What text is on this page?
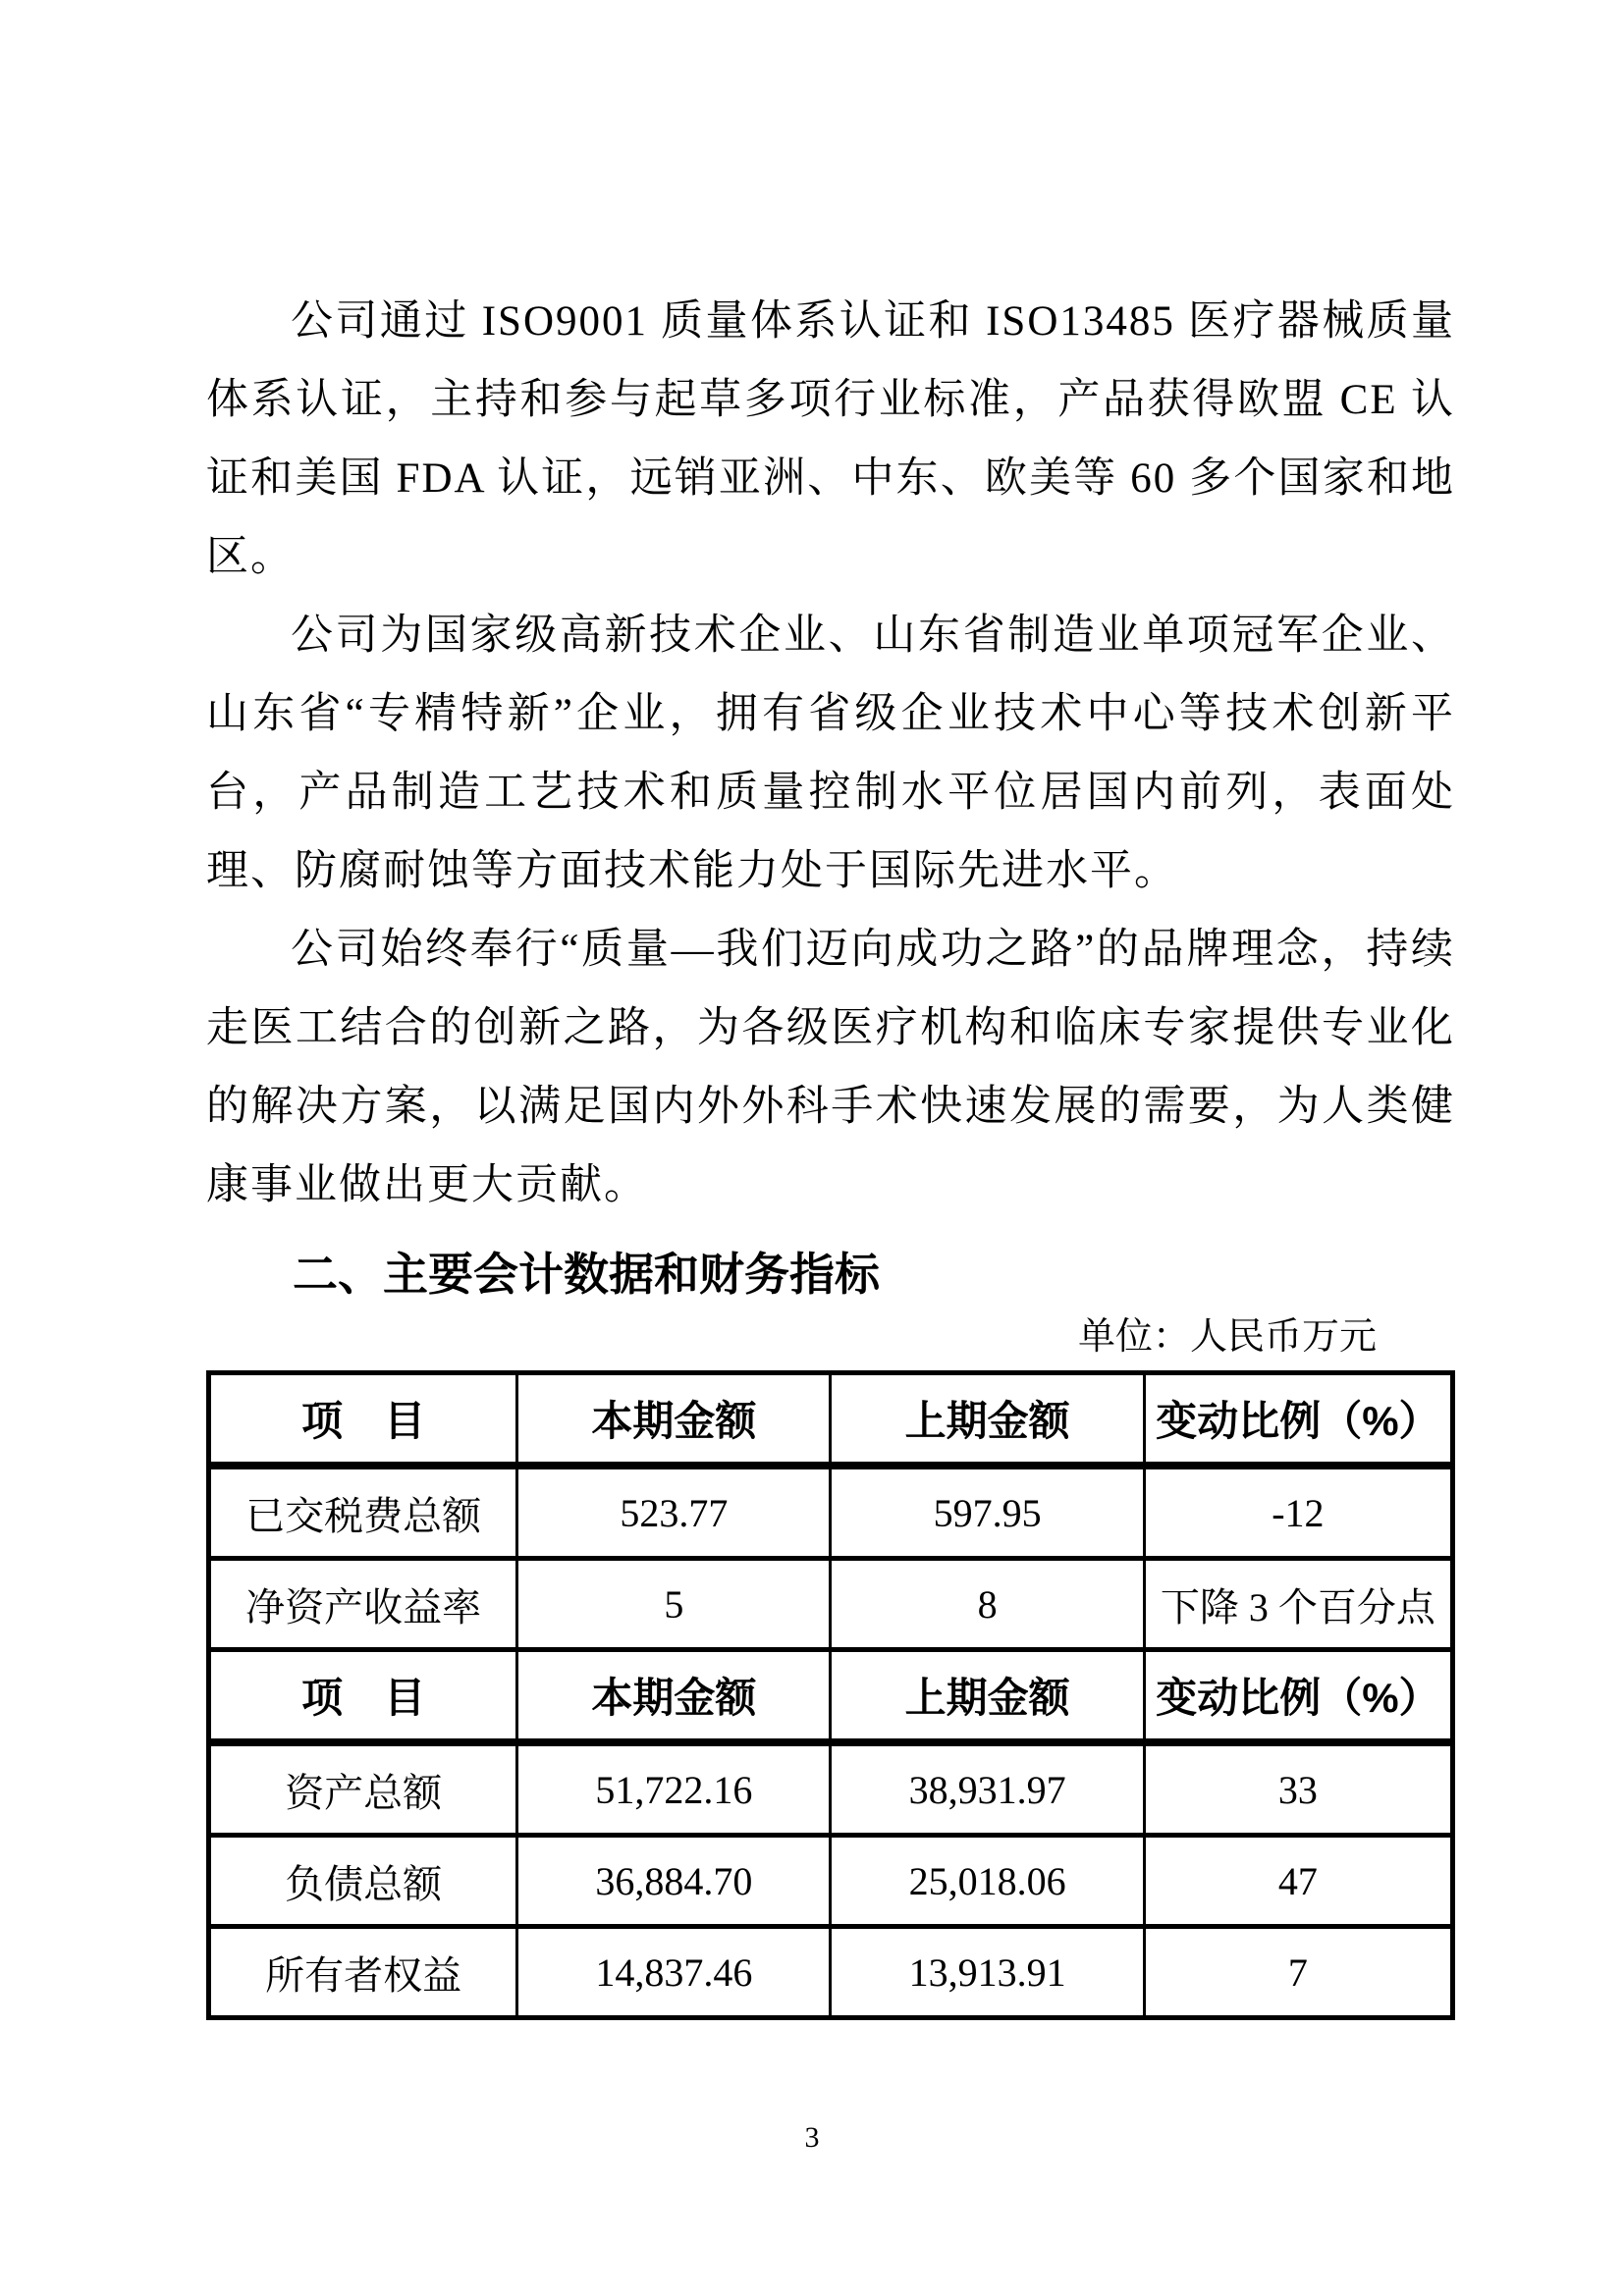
公司通过 ISO9001 质量体系认证和 ISO13485 医疗器械质量体系认证，主持和参与起草多项行业标准，产品获得欧盟 CE 认证和美国 FDA 认证，远销亚洲、中东、欧美等 60 多个国家和地区。

公司为国家级高新技术企业、山东省制造业单项冠军企业、山东省“专精特新”企业，拥有省级企业技术中心等技术创新平台，产品制造工艺技术和质量控制水平位居国内前列，表面处理、防腐耐蚀等方面技术能力处于国际先进水平。

公司始终奉行“质量—我们迈向成功之路”的品牌理念，持续走医工结合的创新之路，为各级医疗机构和临床专家提供专业化的解决方案，以满足国内外外科手术快速发展的需要，为人类健康事业做出更大贡献。

二、主要会计数据和财务指标
单位：人民币万元
项　目	本期金额	上期金额	变动比例（%）
已交税费总额	523.77	597.95	-12
净资产收益率	5	8	下降 3 个百分点
项　目	本期金额	上期金额	变动比例（%）
资产总额	51,722.16	38,931.97	33
负债总额	36,884.70	25,018.06	47
所有者权益	14,837.46	13,913.91	7
3
